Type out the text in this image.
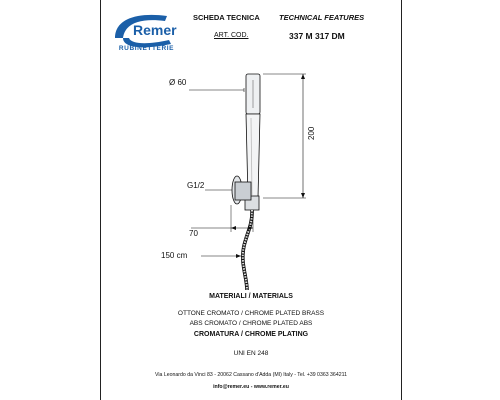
Remer
RUBINETTERIE
SCHEDA TECNICA	TECHNICAL FEATURES
ART. COD.	337 M 317 DM
Ø 60
200
G1/2
70
150 cm
MATERIALI / MATERIALS
OTTONE CROMATO / CHROME PLATED BRASS
ABS CROMATO / CHROME PLATED ABS
CROMATURA / CHROME PLATING
UNI EN 248
Via Leonardo da Vinci 83 - 20062 Cassano d'Adda (MI) Italy - Tel. +39 0363 364211
info@remer.eu - www.remer.eu
